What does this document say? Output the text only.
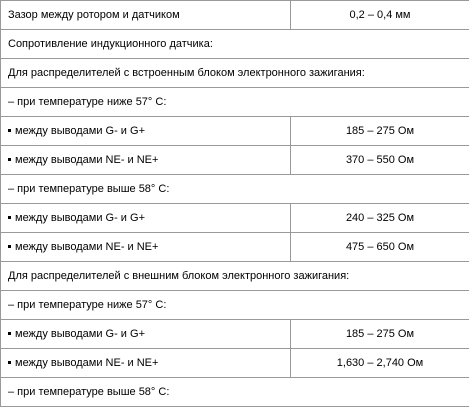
Зазор между ротором и датчиком	0,2 – 0,4 мм
Сопротивление индукционного датчика:	
Для распределителей с встроенным блоком электронного зажигания:	
– при температуре ниже 57° С:	
между выводами G- и G+	185 – 275 Ом
между выводами NE- и NE+	370 – 550 Ом
– при температуре выше 58° С:	
между выводами G- и G+	240 – 325 Ом
между выводами NE- и NE+	475 – 650 Ом
Для распределителей с внешним блоком электронного зажигания:	
– при температуре ниже 57° С:	
между выводами G- и G+	185 – 275 Ом
между выводами NE- и NE+	1,630 – 2,740 Ом
– при температуре выше 58° С:	
